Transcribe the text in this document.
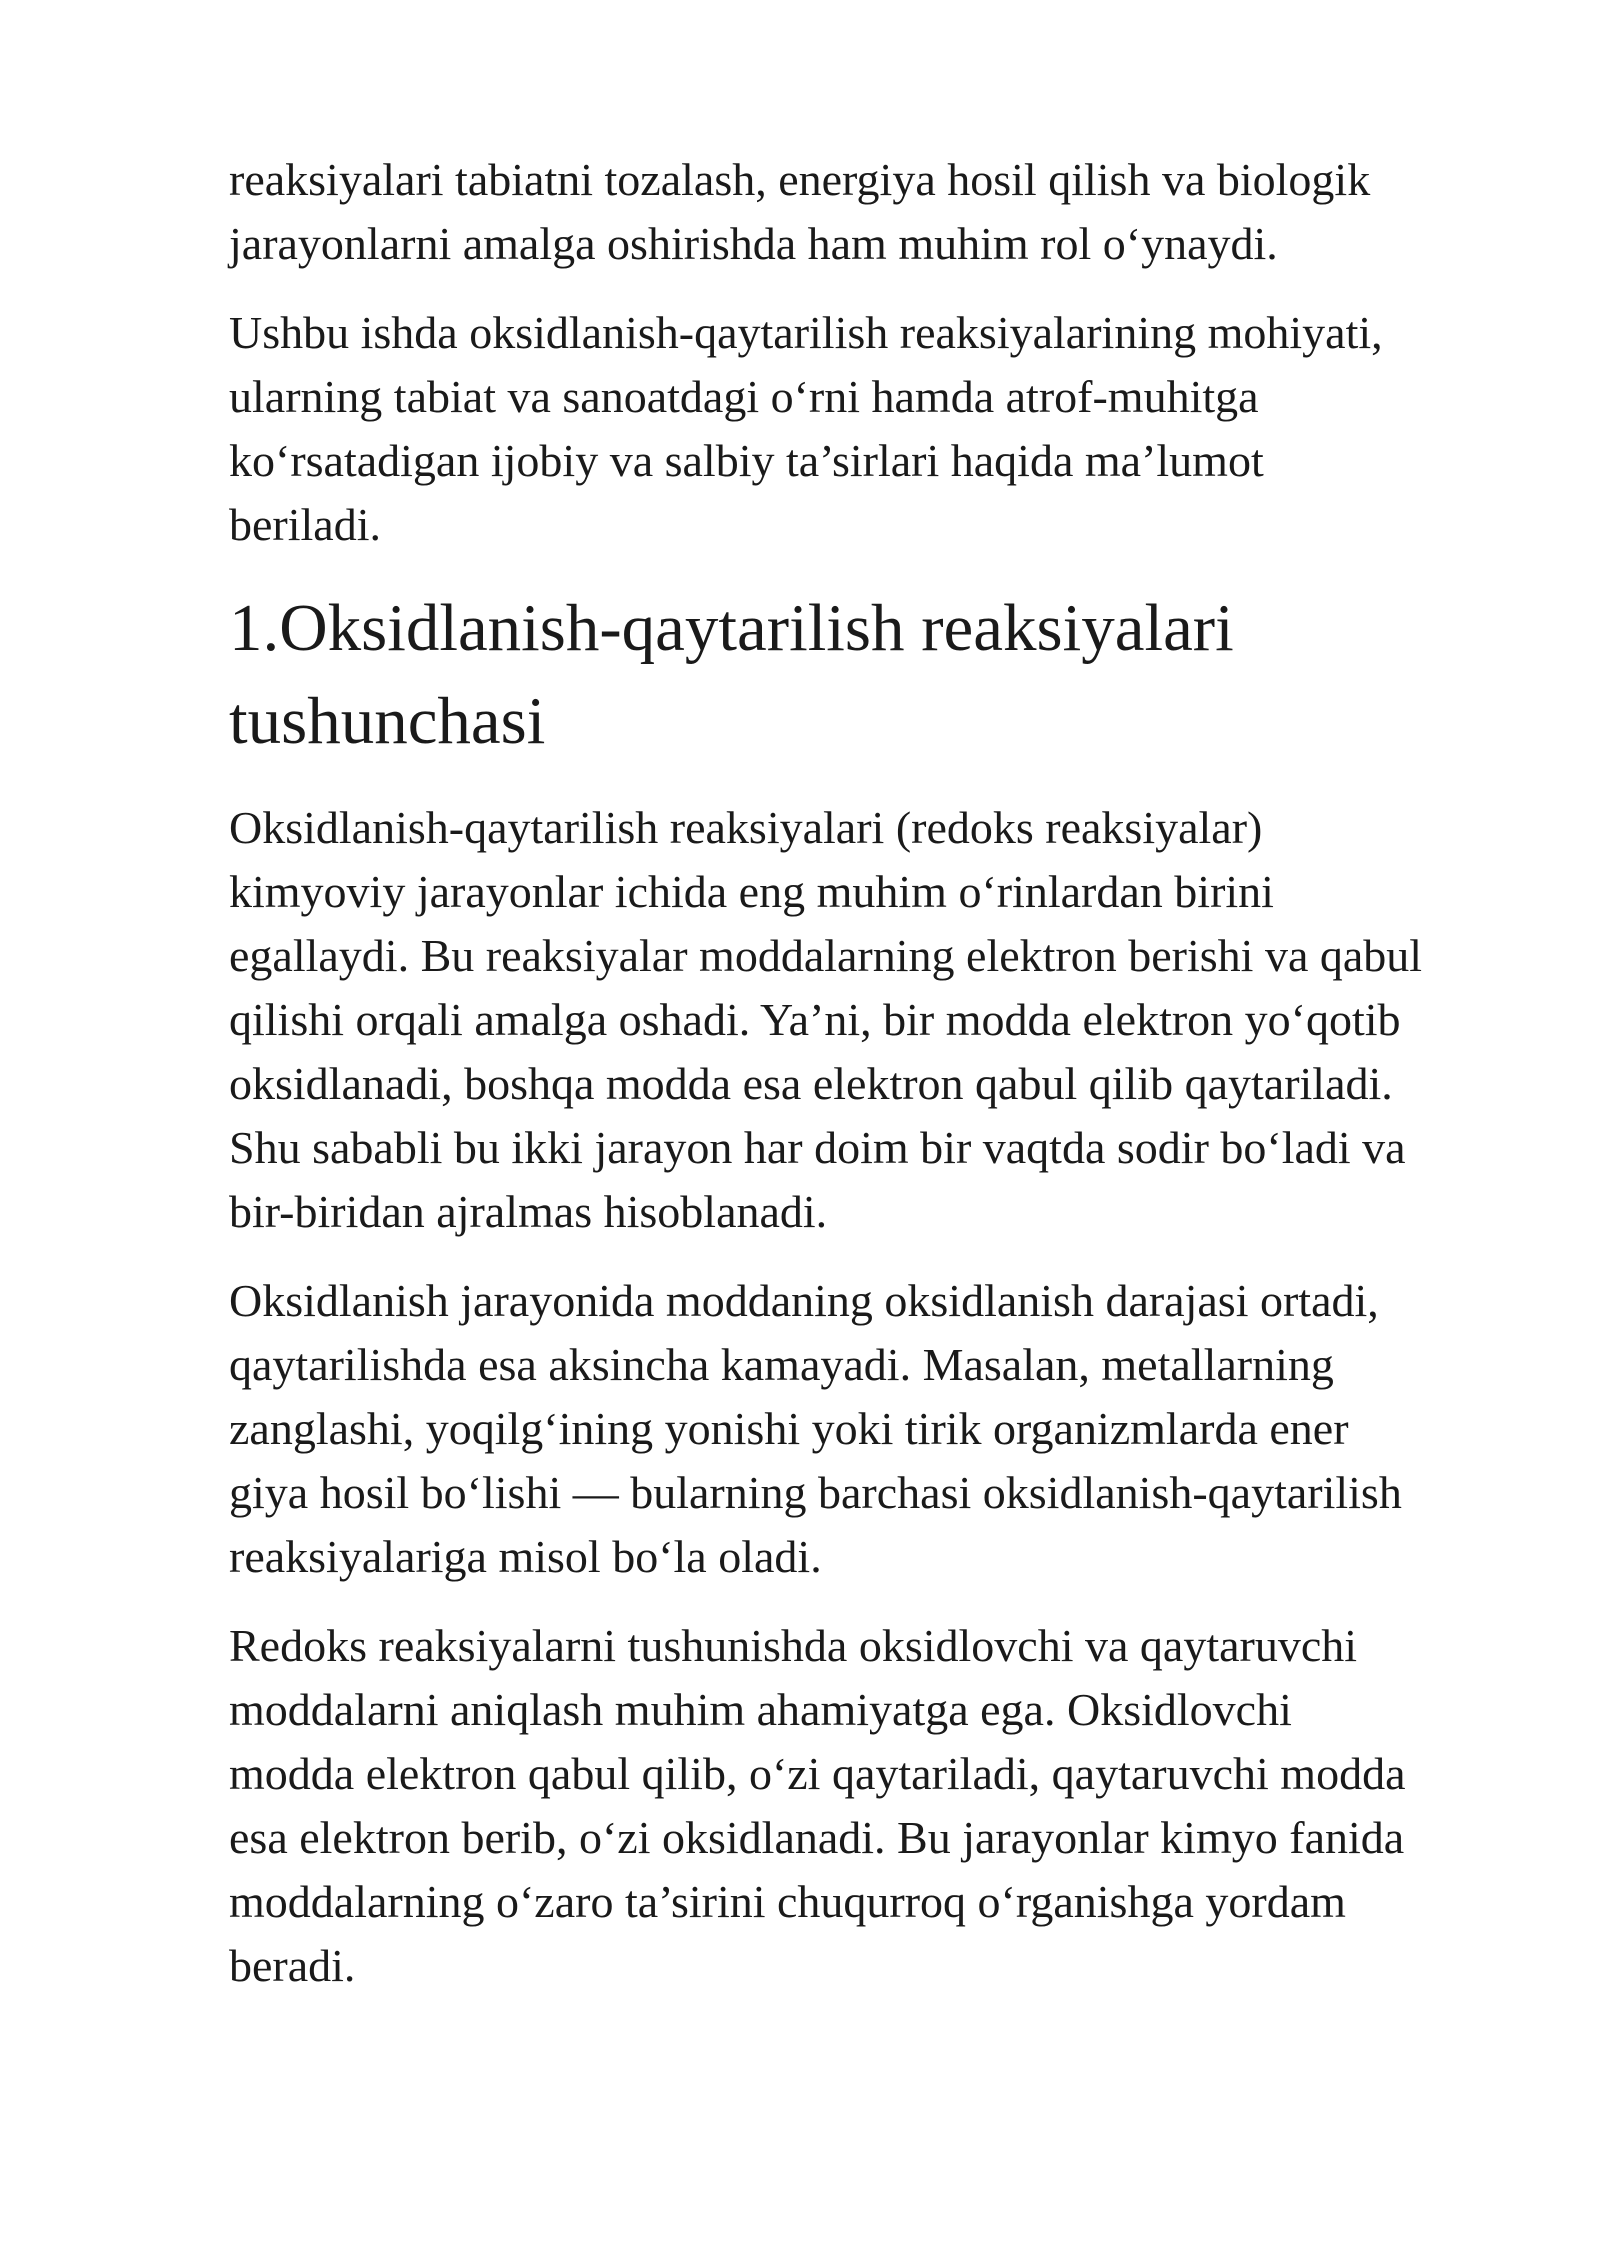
reaksiyalari tabiatni tozalash, energiya hosil qilish va biologik
jarayonlarni amalga oshirishda ham muhim rol o‘ynaydi.

Ushbu ishda oksidlanish-qaytarilish reaksiyalarining mohiyati,
ularning tabiat va sanoatdagi o‘rni hamda atrof-muhitga
ko‘rsatadigan ijobiy va salbiy ta’sirlari haqida ma’lumot
beriladi.

1.Oksidlanish-qaytarilish reaksiyalari
tushunchasi

Oksidlanish-qaytarilish reaksiyalari (redoks reaksiyalar)
kimyoviy jarayonlar ichida eng muhim o‘rinlardan birini
egallaydi. Bu reaksiyalar moddalarning elektron berishi va qabul
qilishi orqali amalga oshadi. Ya’ni, bir modda elektron yo‘qotib
oksidlanadi, boshqa modda esa elektron qabul qilib qaytariladi.
Shu sababli bu ikki jarayon har doim bir vaqtda sodir bo‘ladi va
bir-biridan ajralmas hisoblanadi.

Oksidlanish jarayonida moddaning oksidlanish darajasi ortadi,
qaytarilishda esa aksincha kamayadi. Masalan, metallarning
zanglashi, yoqilg‘ining yonishi yoki tirik organizmlarda ener
giya hosil bo‘lishi — bularning barchasi oksidlanish-qaytarilish
reaksiyalariga misol bo‘la oladi.

Redoks reaksiyalarni tushunishda oksidlovchi va qaytaruvchi
moddalarni aniqlash muhim ahamiyatga ega. Oksidlovchi
modda elektron qabul qilib, o‘zi qaytariladi, qaytaruvchi modda
esa elektron berib, o‘zi oksidlanadi. Bu jarayonlar kimyo fanida
moddalarning o‘zaro ta’sirini chuqurroq o‘rganishga yordam
beradi.
